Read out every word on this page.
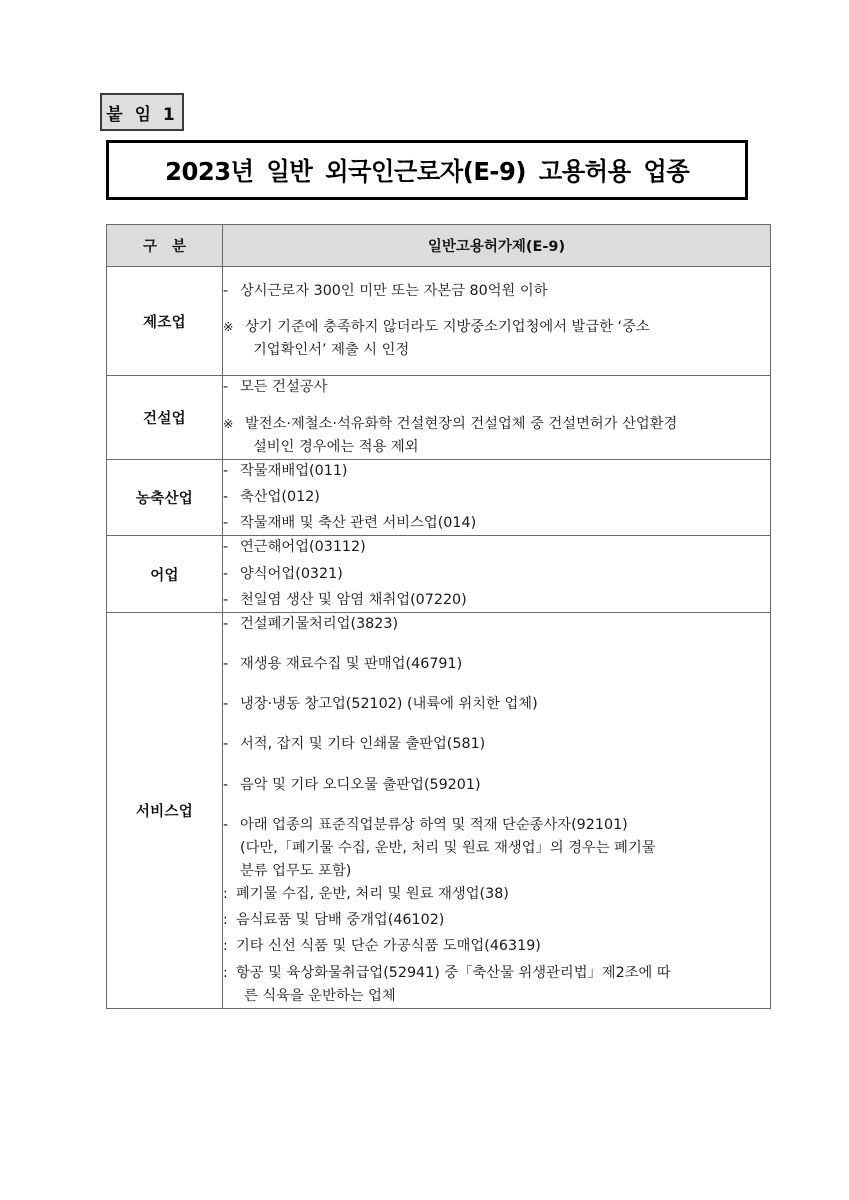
붙 임 1
2023년 일반 외국인근로자(E-9) 고용허용 업종
구 분	일반고용허가제(E-9)
제조업	- 상시근로자 300인 미만 또는 자본금 80억원 이하
※ 상기 기준에 충족하지 않더라도 지방중소기업청에서 발급한 ‘중소
기업확인서’ 제출 시 인정

건설업	- 모든 건설공사
※ 발전소·제철소·석유화학 건설현장의 건설업체 중 건설면허가 산업환경
설비인 경우에는 적용 제외

농축산업	
- 작물재배업(011)
- 축산업(012)
- 작물재배 및 축산 관련 서비스업(014)

어업	
- 연근해어업(03112)
- 양식어업(0321)
- 천일염 생산 및 암염 채취업(07220)

서비스업	
- 건설폐기물처리업(3823)
- 재생용 재료수집 및 판매업(46791)
- 냉장·냉동 창고업(52102) (내륙에 위치한 업체)
- 서적, 잡지 및 기타 인쇄물 출판업(581)
- 음악 및 기타 오디오물 출판업(59201)
- 아래 업종의 표준직업분류상 하역 및 적재 단순종사자(92101)
(다만,「폐기물 수집, 운반, 처리 및 원료 재생업」의 경우는 폐기물
분류 업무도 포함)
: 폐기물 수집, 운반, 처리 및 원료 재생업(38)
: 음식료품 및 담배 중개업(46102)
: 기타 신선 식품 및 단순 가공식품 도매업(46319)
: 항공 및 육상화물취급업(52941) 중「축산물 위생관리법」제2조에 따
른 식육을 운반하는 업체
